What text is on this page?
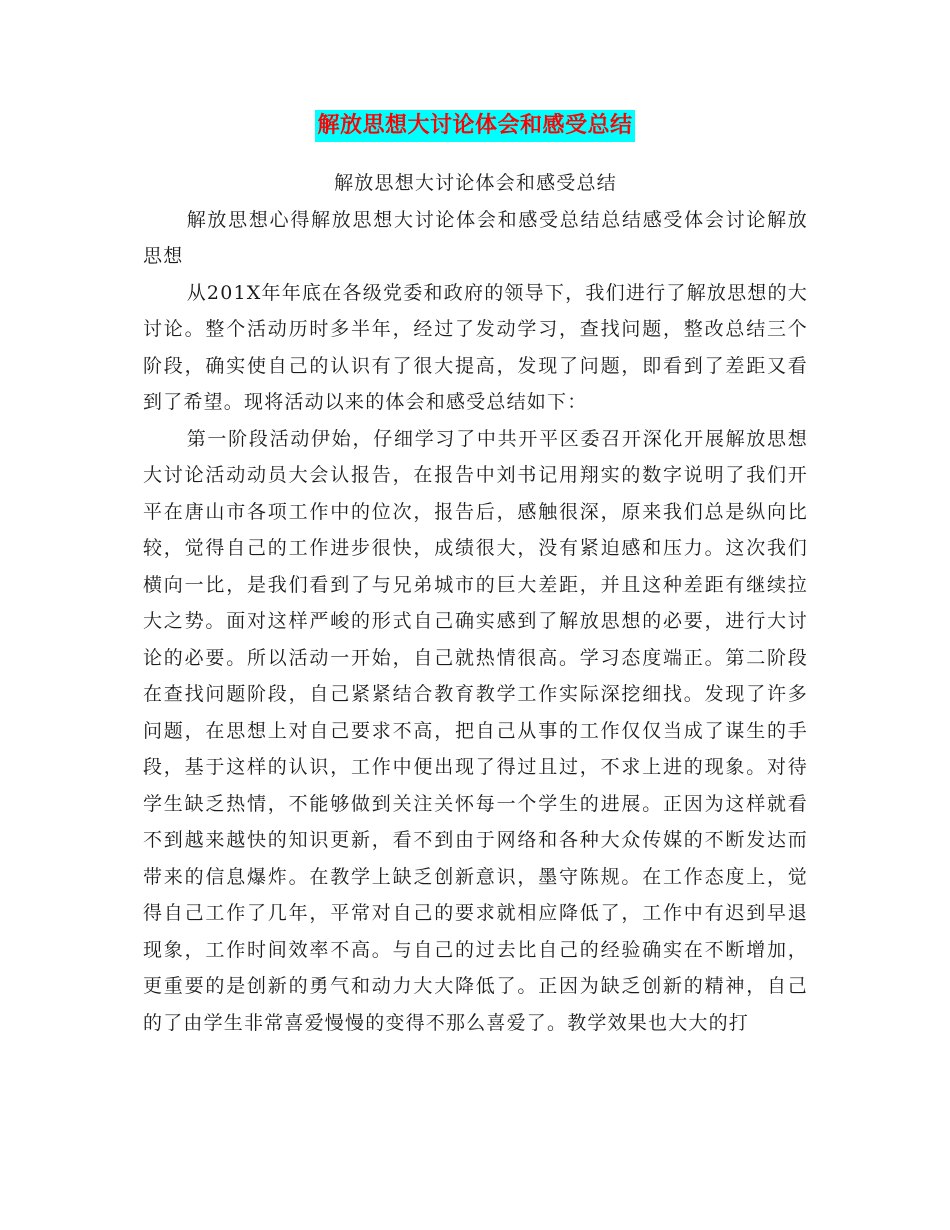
解放思想大讨论体会和感受总结

解放思想大讨论体会和感受总结

解放思想心得解放思想大讨论体会和感受总结总结感受体会讨论解放思想

从201X年年底在各级党委和政府的领导下，我们进行了解放思想的大讨论。整个活动历时多半年，经过了发动学习，查找问题，整改总结三个阶段，确实使自己的认识有了很大提高，发现了问题，即看到了差距又看到了希望。现将活动以来的体会和感受总结如下：

第一阶段活动伊始，仔细学习了中共开平区委召开深化开展解放思想大讨论活动动员大会认报告，在报告中刘书记用翔实的数字说明了我们开平在唐山市各项工作中的位次，报告后，感触很深，原来我们总是纵向比较，觉得自己的工作进步很快，成绩很大，没有紧迫感和压力。这次我们横向一比，是我们看到了与兄弟城市的巨大差距，并且这种差距有继续拉大之势。面对这样严峻的形式自己确实感到了解放思想的必要，进行大讨论的必要。所以活动一开始，自己就热情很高。学习态度端正。第二阶段在查找问题阶段，自己紧紧结合教育教学工作实际深挖细找。发现了许多问题，在思想上对自己要求不高，把自己从事的工作仅仅当成了谋生的手段，基于这样的认识，工作中便出现了得过且过，不求上进的现象。对待学生缺乏热情，不能够做到关注关怀每一个学生的进展。正因为这样就看不到越来越快的知识更新，看不到由于网络和各种大众传媒的不断发达而带来的信息爆炸。在教学上缺乏创新意识，墨守陈规。在工作态度上，觉得自己工作了几年，平常对自己的要求就相应降低了，工作中有迟到早退现象，工作时间效率不高。与自己的过去比自己的经验确实在不断增加，更重要的是创新的勇气和动力大大降低了。正因为缺乏创新的精神，自己的了由学生非常喜爱慢慢的变得不那么喜爱了。教学效果也大大的打
